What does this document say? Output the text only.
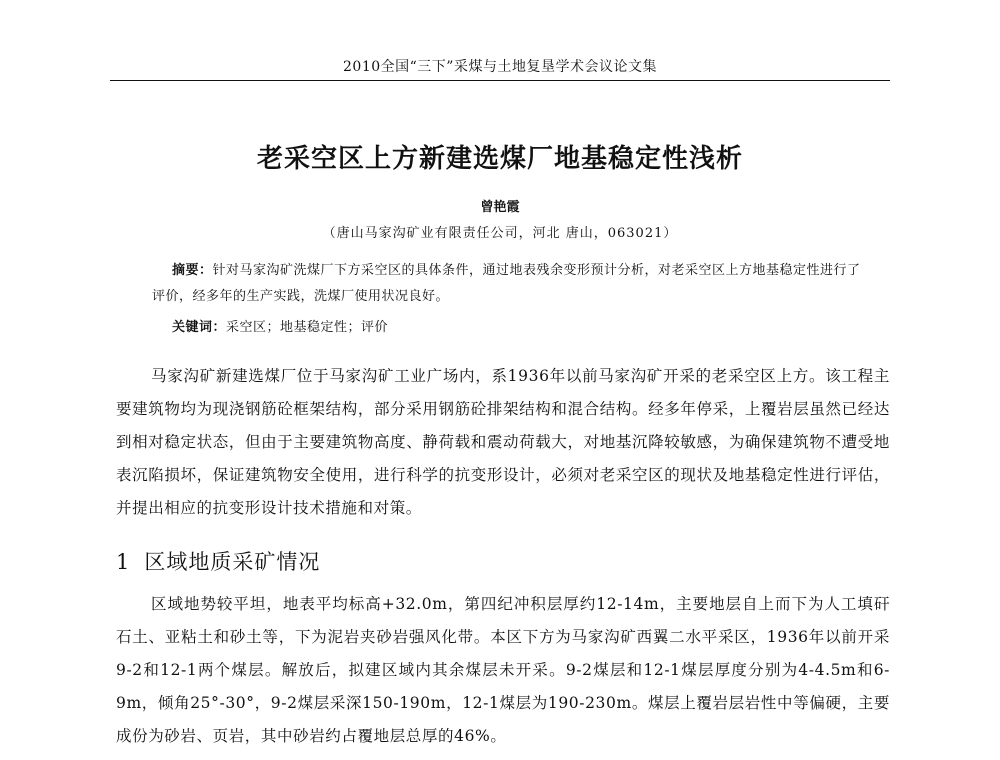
2010全国“三下”采煤与土地复垦学术会议论文集
老采空区上方新建选煤厂地基稳定性浅析
曾艳霞
（唐山马家沟矿业有限责任公司，河北 唐山，063021）

摘要：针对马家沟矿洗煤厂下方采空区的具体条件，通过地表残余变形预计分析，对老采空区上方地基稳定性进行了评价，经多年的生产实践，洗煤厂使用状况良好。

关键词：采空区；地基稳定性；评价

马家沟矿新建选煤厂位于马家沟矿工业广场内，系1936年以前马家沟矿开采的老采空区上方。该工程主要建筑物均为现浇钢筋砼框架结构，部分采用钢筋砼排架结构和混合结构。经多年停采，上覆岩层虽然已经达到相对稳定状态，但由于主要建筑物高度、静荷载和震动荷载大，对地基沉降较敏感，为确保建筑物不遭受地表沉陷损坏，保证建筑物安全使用，进行科学的抗变形设计，必须对老采空区的现状及地基稳定性进行评估，并提出相应的抗变形设计技术措施和对策。

1 区域地质采矿情况

区域地势较平坦，地表平均标高+32.0m，第四纪冲积层厚约12-14m，主要地层自上而下为人工填矸石土、亚粘土和砂土等，下为泥岩夹砂岩强风化带。本区下方为马家沟矿西翼二水平采区，1936年以前开采9-2和12-1两个煤层。解放后，拟建区域内其余煤层未开采。9-2煤层和12-1煤层厚度分别为4-4.5m和6-9m，倾角25°-30°，9-2煤层采深150-190m，12-1煤层为190-230m。煤层上覆岩层岩性中等偏硬，主要成份为砂岩、页岩，其中砂岩约占覆地层总厚的46%。
